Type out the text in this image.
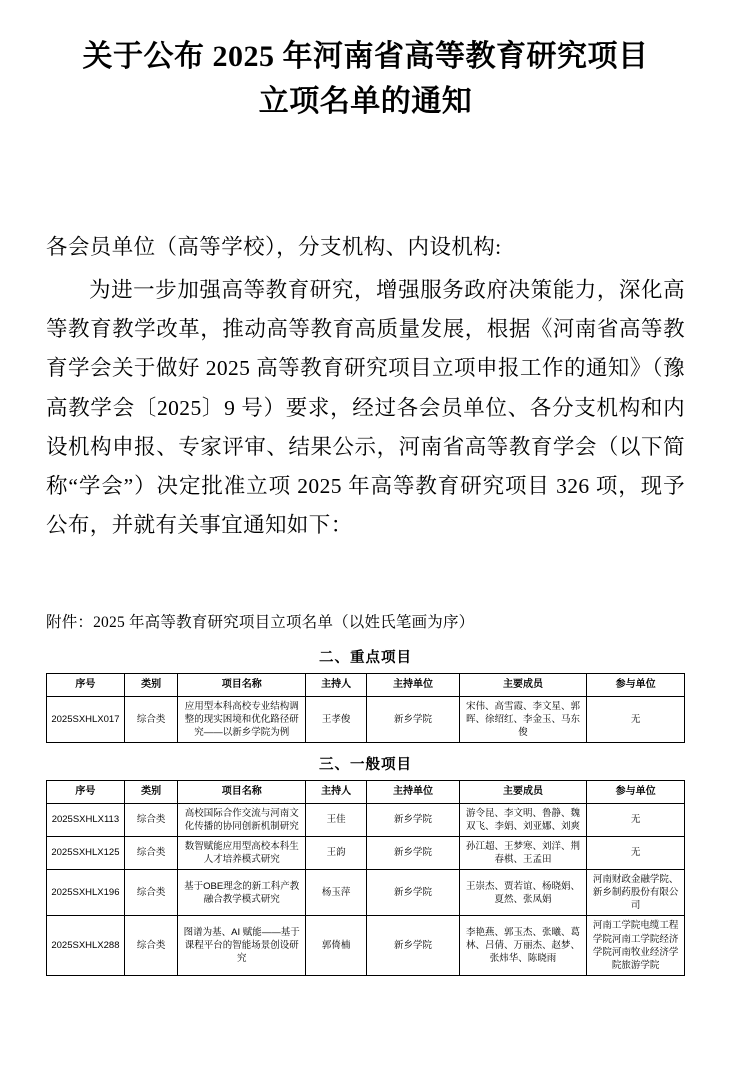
关于公布 2025 年河南省高等教育研究项目
立项名单的通知

各会员单位（高等学校），分支机构、内设机构:

为进一步加强高等教育研究，增强服务政府决策能力，深化高等教育教学改革，推动高等教育高质量发展，根据《河南省高等教育学会关于做好 2025 高等教育研究项目立项申报工作的通知》（豫高教学会〔2025〕9 号）要求，经过各会员单位、各分支机构和内设机构申报、专家评审、结果公示，河南省高等教育学会（以下简称“学会”）决定批准立项 2025 年高等教育研究项目 326 项，现予公布，并就有关事宜通知如下：

附件：2025 年高等教育研究项目立项名单（以姓氏笔画为序）

二、重点项目
序号	类别	项目名称	主持人	主持单位	主要成员	参与单位
2025SXHLX017	综合类	应用型本科高校专业结构调整的现实困境和优化路径研究——以新乡学院为例	王孝俊	新乡学院	宋伟、高雪霞、李文星、郭晖、徐绍红、李金玉、马东俊	无
三、一般项目
序号	类别	项目名称	主持人	主持单位	主要成员	参与单位
2025SXHLX113	综合类	高校国际合作交流与河南文化传播的协同创新机制研究	王佳	新乡学院	游令昆、李文明、鲁静、魏双飞、李娟、刘亚娜、刘爽	无
2025SXHLX125	综合类	数智赋能应用型高校本科生人才培养模式研究	王韵	新乡学院	孙江超、王梦寒、刘洋、荆春棋、王孟田	无
2025SXHLX196	综合类	基于OBE理念的新工科产教融合教学模式研究	杨玉萍	新乡学院	王崇杰、贾若谊、杨晓娟、夏然、张凤娟	河南财政金融学院、新乡制药股份有限公司
2025SXHLX288	综合类	图谱为基、AI 赋能——基于课程平台的智能场景创设研究	郭倚楠	新乡学院	李艳燕、郭玉杰、张曦、葛林、吕倩、万丽杰、赵梦、张炜华、陈晓雨	河南工学院电缆工程学院河南工学院经济学院河南牧业经济学院旅游学院
